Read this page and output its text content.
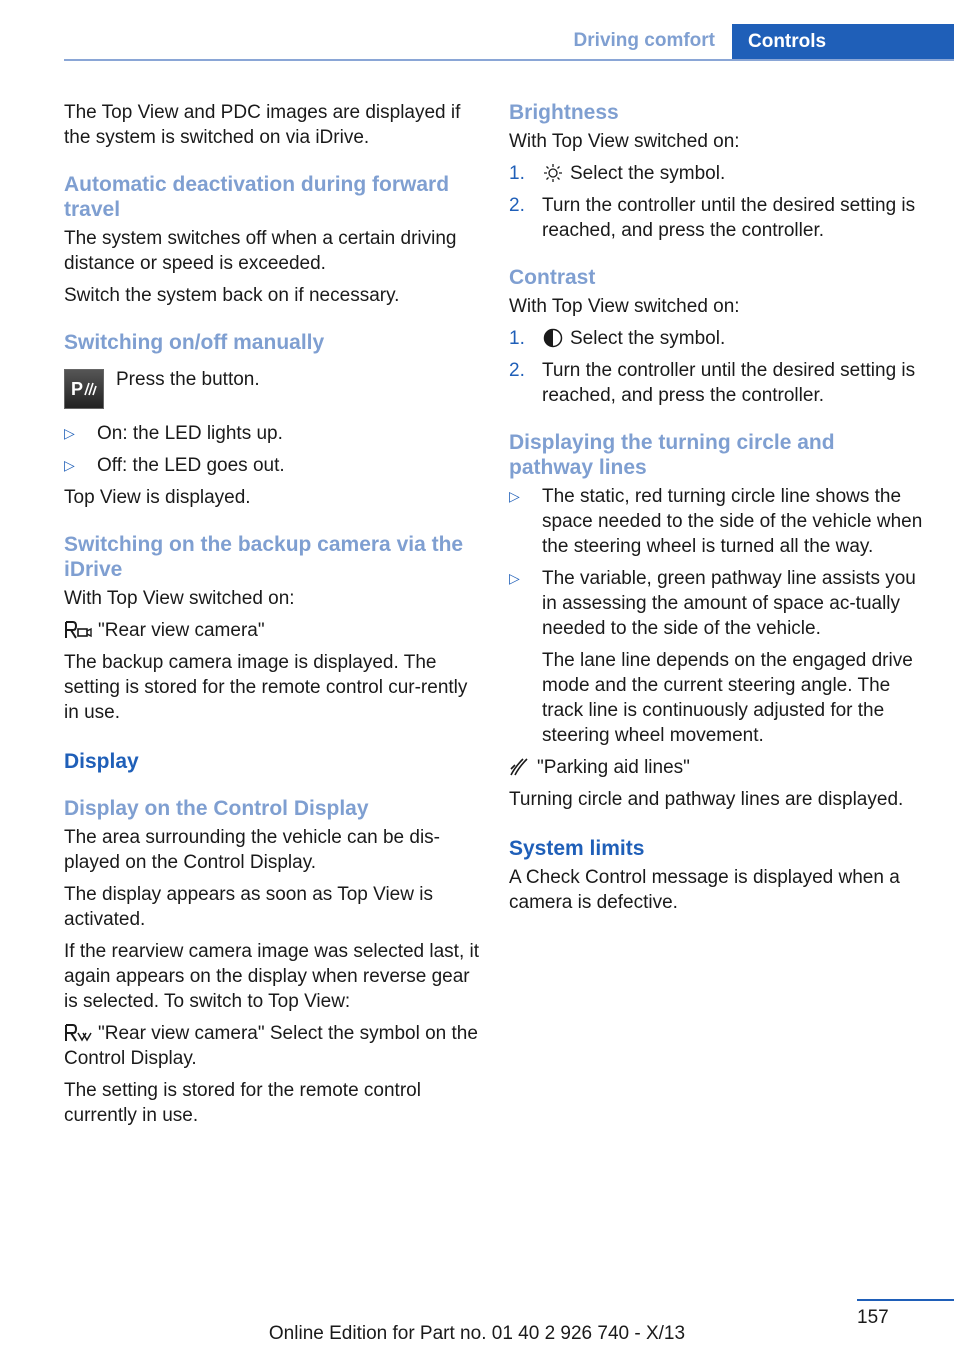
Driving comfort Controls

The Top View and PDC images are displayed if the system is switched on via iDrive.

Automatic deactivation during forward travel

The system switches off when a certain driving distance or speed is exceeded.

Switch the system back on if necessary.

Switching on/off manually
P Press the button.

▷	On: the LED lights up.
▷	Off: the LED goes out.

Top View is displayed.

Switching on the backup camera via the iDrive

With Top View switched on:

"Rear view camera"

The backup camera image is displayed. The setting is stored for the remote control cur‐rently in use.

Display
Display on the Control Display

The area surrounding the vehicle can be dis‐played on the Control Display.

The display appears as soon as Top View is activated.

If the rearview camera image was selected last, it again appears on the display when reverse gear is selected. To switch to Top View:

"Rear view camera" Select the symbol on the Control Display.

The setting is stored for the remote control currently in use.

Brightness

With Top View switched on:

1.	Select the symbol.
2. Turn the controller until the desired setting is reached, and press the controller.
Contrast

With Top View switched on:

1.	Select the symbol.
2. Turn the controller until the desired setting is reached, and press the controller.
Displaying the turning circle and pathway lines
▷	The static, red turning circle line shows the space needed to the side of the vehicle when the steering wheel is turned all the way.
▷	The variable, green pathway line assists you in assessing the amount of space ac‐tually needed to the side of the vehicle.

The lane line depends on the engaged drive mode and the current steering angle. The track line is continuously adjusted for the steering wheel movement.

"Parking aid lines"

Turning circle and pathway lines are displayed.

System limits

A Check Control message is displayed when a camera is defective.

157
Online Edition for Part no. 01 40 2 926 740 - X/13
